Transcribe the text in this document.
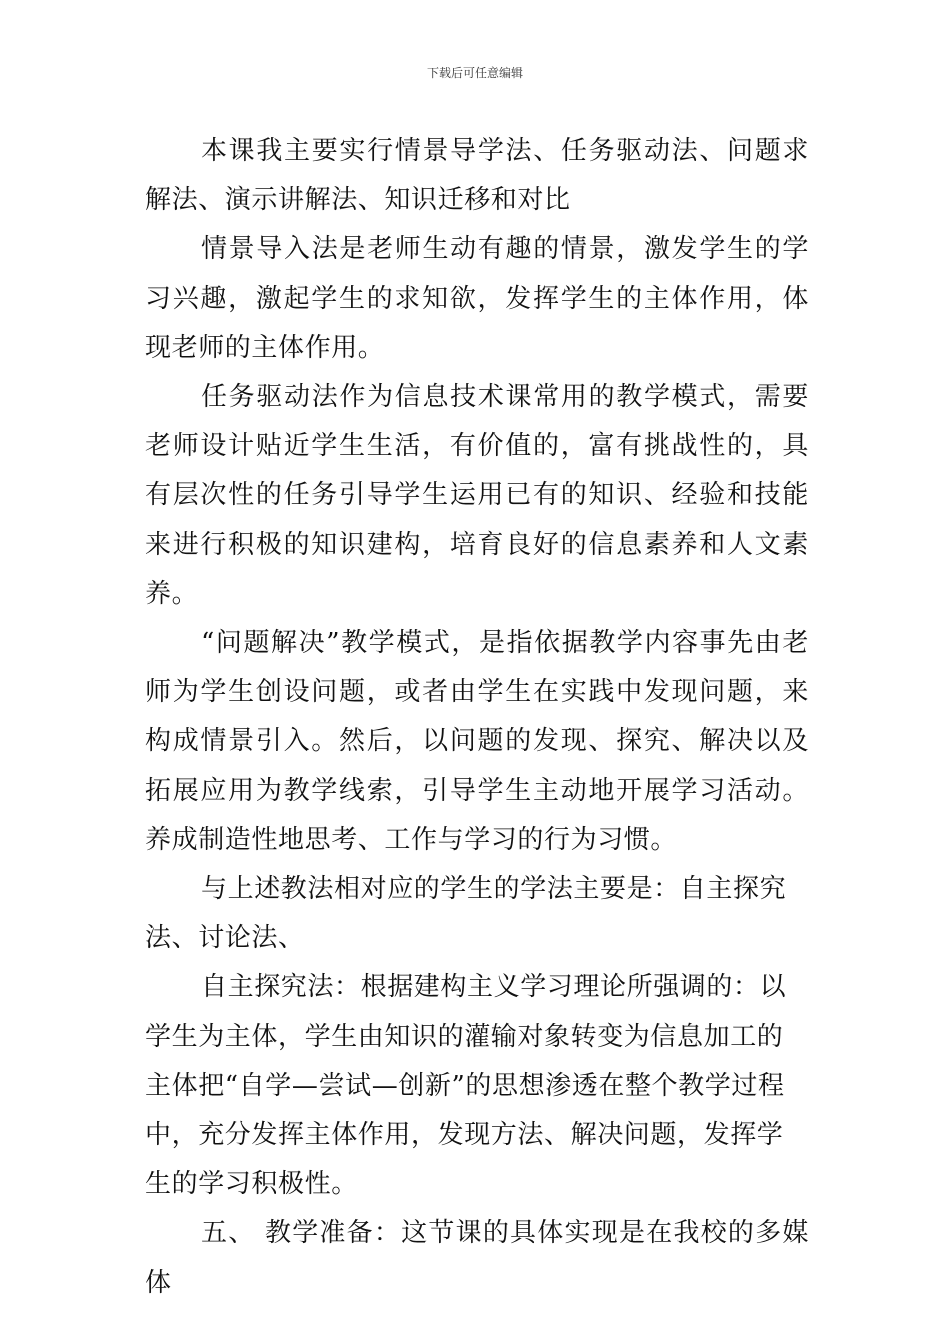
下载后可任意编辑

本课我主要实行情景导学法、任务驱动法、问题求解法、演示讲解法、知识迁移和对比

情景导入法是老师生动有趣的情景，激发学生的学习兴趣，激起学生的求知欲，发挥学生的主体作用，体现老师的主体作用。

任务驱动法作为信息技术课常用的教学模式，需要老师设计贴近学生生活，有价值的，富有挑战性的，具有层次性的任务引导学生运用已有的知识、经验和技能来进行积极的知识建构，培育良好的信息素养和人文素养。

“问题解决”教学模式，是指依据教学内容事先由老师为学生创设问题，或者由学生在实践中发现问题，来构成情景引入。然后，以问题的发现、探究、解决以及拓展应用为教学线索，引导学生主动地开展学习活动。养成制造性地思考、工作与学习的行为习惯。

与上述教法相对应的学生的学法主要是：自主探究法、讨论法、

自主探究法：根据建构主义学习理论所强调的：以学生为主体，学生由知识的灌输对象转变为信息加工的主体把“自学—尝试—创新”的思想渗透在整个教学过程中，充分发挥主体作用，发现方法、解决问题，发挥学生的学习积极性。

五、 教学准备：这节课的具体实现是在我校的多媒体
